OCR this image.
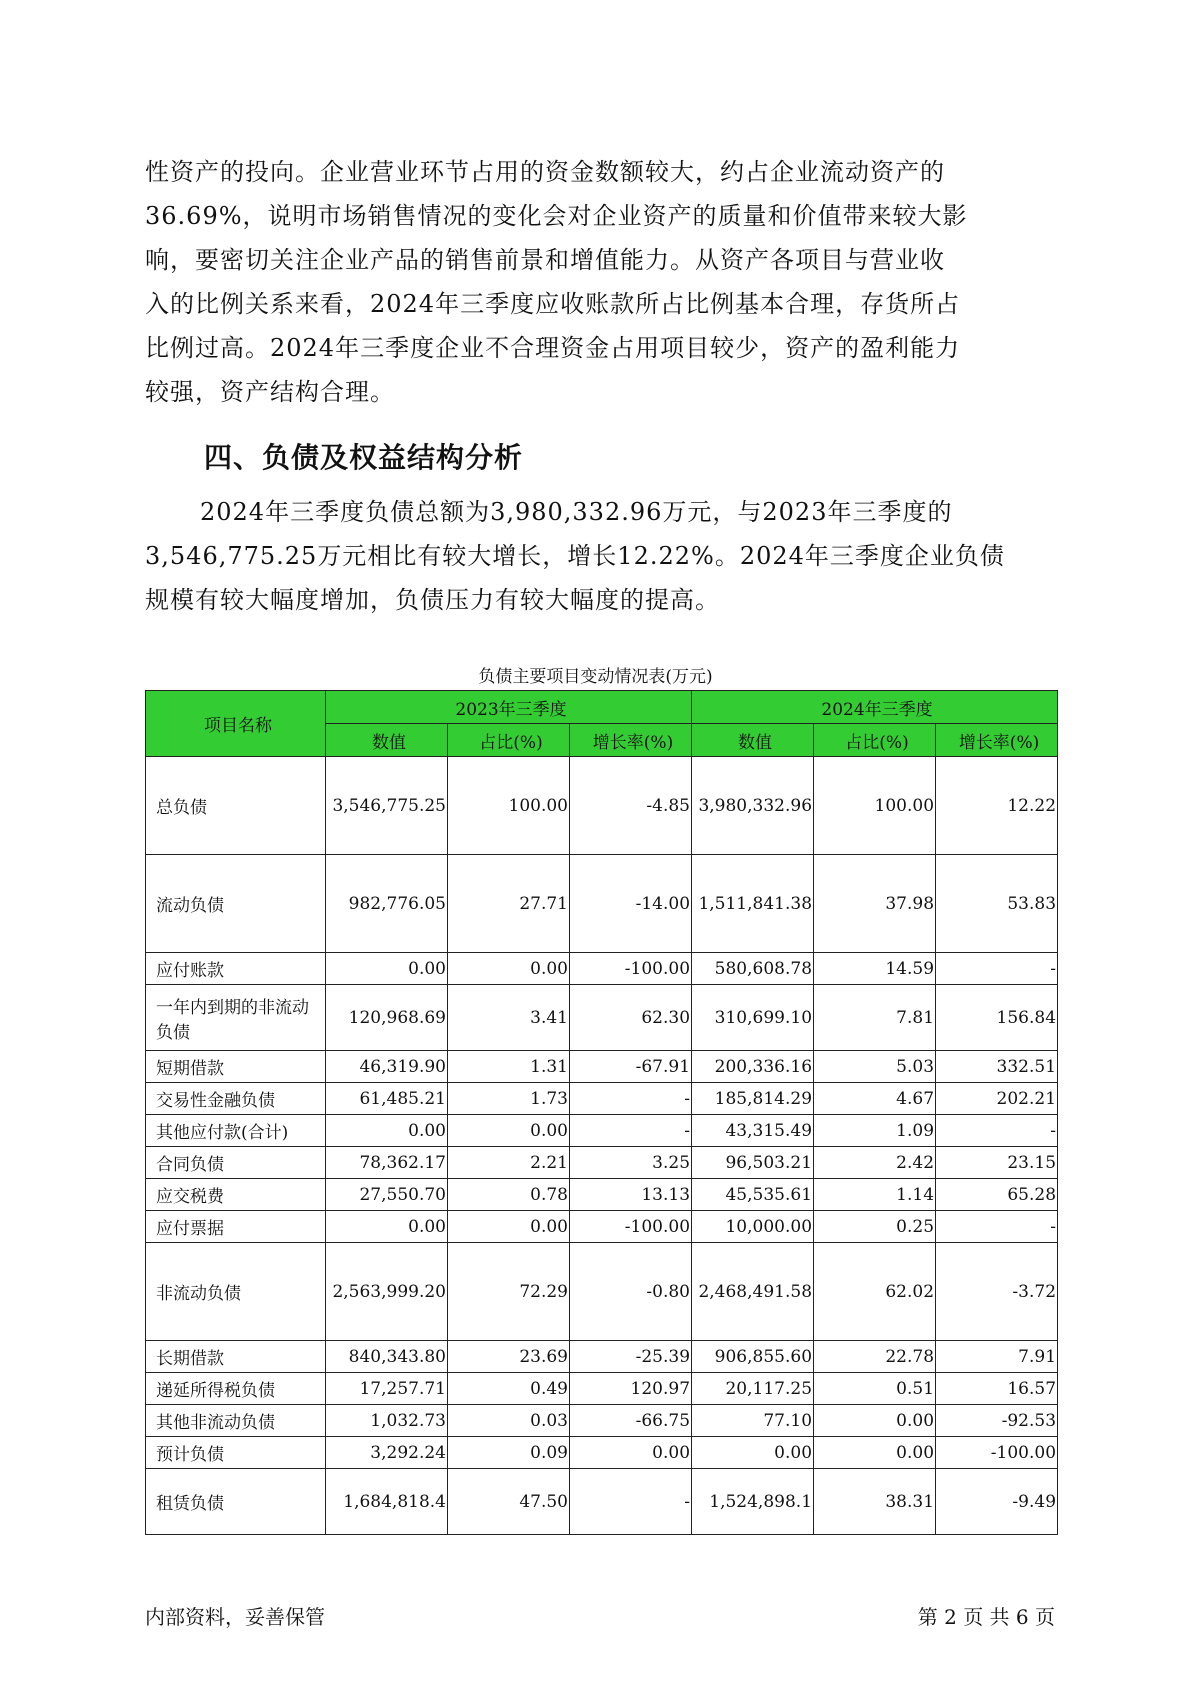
性资产的投向。企业营业环节占用的资金数额较大，约占企业流动资产的
36.69%，说明市场销售情况的变化会对企业资产的质量和价值带来较大影
响，要密切关注企业产品的销售前景和增值能力。从资产各项目与营业收
入的比例关系来看，2024年三季度应收账款所占比例基本合理，存货所占
比例过高。2024年三季度企业不合理资金占用项目较少，资产的盈利能力
较强，资产结构合理。
四、负债及权益结构分析
2024年三季度负债总额为3,980,332.96万元，与2023年三季度的
3,546,775.25万元相比有较大增长，增长12.22%。2024年三季度企业负债
规模有较大幅度增加，负债压力有较大幅度的提高。
负债主要项目变动情况表(万元)
项目名称	2023年三季度			2024年三季度		
	数值	占比(%)	增长率(%)	数值	占比(%)	增长率(%)
总负债	3,546,775.25	100.00	-4.85	3,980,332.96	100.00	12.22
流动负债	982,776.05	27.71	-14.00	1,511,841.38	37.98	53.83
应付账款	0.00	0.00	-100.00	580,608.78	14.59	-
一年内到期的非流动负债	120,968.69	3.41	62.30	310,699.10	7.81	156.84
短期借款	46,319.90	1.31	-67.91	200,336.16	5.03	332.51
交易性金融负债	61,485.21	1.73	-	185,814.29	4.67	202.21
其他应付款(合计)	0.00	0.00	-	43,315.49	1.09	-
合同负债	78,362.17	2.21	3.25	96,503.21	2.42	23.15
应交税费	27,550.70	0.78	13.13	45,535.61	1.14	65.28
应付票据	0.00	0.00	-100.00	10,000.00	0.25	-
非流动负债	2,563,999.20	72.29	-0.80	2,468,491.58	62.02	-3.72
长期借款	840,343.80	23.69	-25.39	906,855.60	22.78	7.91
递延所得税负债	17,257.71	0.49	120.97	20,117.25	0.51	16.57
其他非流动负债	1,032.73	0.03	-66.75	77.10	0.00	-92.53
预计负债	3,292.24	0.09	0.00	0.00	0.00	-100.00
租赁负债	1,684,818.4	47.50	-	1,524,898.1	38.31	-9.49
内部资料，妥善保管	第 2 页 共 6 页
